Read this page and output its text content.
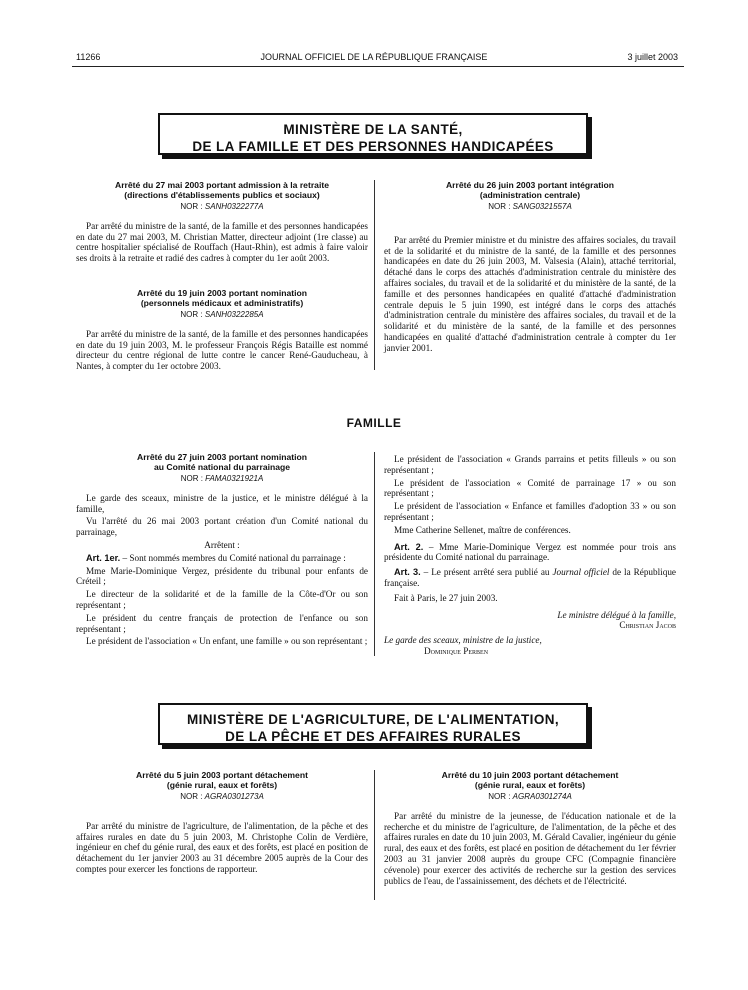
11266	JOURNAL OFFICIEL DE LA RÉPUBLIQUE FRANÇAISE	3 juillet 2003
MINISTÈRE DE LA SANTÉ,
DE LA FAMILLE ET DES PERSONNES HANDICAPÉES
Arrêté du 27 mai 2003 portant admission à la retraite
(directions d'établissements publics et sociaux)
NOR : SANH0322277A

Par arrêté du ministre de la santé, de la famille et des personnes handicapées en date du 27 mai 2003, M. Christian Matter, directeur adjoint (1re classe) au centre hospitalier spécialisé de Rouffach (Haut-Rhin), est admis à faire valoir ses droits à la retraite et radié des cadres à compter du 1er août 2003.

Arrêté du 19 juin 2003 portant nomination
(personnels médicaux et administratifs)
NOR : SANH0322285A

Par arrêté du ministre de la santé, de la famille et des personnes handicapées en date du 19 juin 2003, M. le professeur François Régis Bataille est nommé directeur du centre régional de lutte contre le cancer René-Gauducheau, à Nantes, à compter du 1er octobre 2003.

Arrêté du 26 juin 2003 portant intégration
(administration centrale)
NOR : SANG0321557A

Par arrêté du Premier ministre et du ministre des affaires sociales, du travail et de la solidarité et du ministre de la santé, de la famille et des personnes handicapées en date du 26 juin 2003, M. Valsesia (Alain), attaché territorial, détaché dans le corps des attachés d'administration centrale du ministère des affaires sociales, du travail et de la solidarité et du ministère de la santé, de la famille et des personnes handicapées en qualité d'attaché d'administration centrale depuis le 5 juin 1990, est intégré dans le corps des attachés d'administration centrale du ministère des affaires sociales, du travail et de la solidarité et du ministère de la santé, de la famille et des personnes handicapées en qualité d'attaché d'administration centrale à compter du 1er janvier 2001.

FAMILLE
Arrêté du 27 juin 2003 portant nomination
au Comité national du parrainage
NOR : FAMA0321921A

Le garde des sceaux, ministre de la justice, et le ministre délégué à la famille,

Vu l'arrêté du 26 mai 2003 portant création d'un Comité national du parrainage,

Arrêtent :

Art. 1er. – Sont nommés membres du Comité national du parrainage :

Mme Marie-Dominique Vergez, présidente du tribunal pour enfants de Créteil ;

Le directeur de la solidarité et de la famille de la Côte-d'Or ou son représentant ;

Le président du centre français de protection de l'enfance ou son représentant ;

Le président de l'association « Un enfant, une famille » ou son représentant ;

Le président de l'association « Grands parrains et petits filleuls » ou son représentant ;

Le président de l'association « Comité de parrainage 17 » ou son représentant ;

Le président de l'association « Enfance et familles d'adoption 33 » ou son représentant ;

Mme Catherine Sellenet, maître de conférences.

Art. 2. – Mme Marie-Dominique Vergez est nommée pour trois ans présidente du Comité national du parrainage.

Art. 3. – Le présent arrêté sera publié au Journal officiel de la République française.

Fait à Paris, le 27 juin 2003.

Le ministre délégué à la famille,
Christian Jacob
Le garde des sceaux, ministre de la justice,
Dominique Perben
MINISTÈRE DE L'AGRICULTURE, DE L'ALIMENTATION,
DE LA PÊCHE ET DES AFFAIRES RURALES
Arrêté du 5 juin 2003 portant détachement
(génie rural, eaux et forêts)
NOR : AGRA0301273A

Par arrêté du ministre de l'agriculture, de l'alimentation, de la pêche et des affaires rurales en date du 5 juin 2003, M. Christophe Colin de Verdière, ingénieur en chef du génie rural, des eaux et des forêts, est placé en position de détachement du 1er janvier 2003 au 31 décembre 2005 auprès de la Cour des comptes pour exercer les fonctions de rapporteur.

Arrêté du 10 juin 2003 portant détachement
(génie rural, eaux et forêts)
NOR : AGRA0301274A

Par arrêté du ministre de la jeunesse, de l'éducation nationale et de la recherche et du ministre de l'agriculture, de l'alimentation, de la pêche et des affaires rurales en date du 10 juin 2003, M. Gérald Cavalier, ingénieur du génie rural, des eaux et des forêts, est placé en position de détachement du 1er février 2003 au 31 janvier 2008 auprès du groupe CFC (Compagnie financière cévenole) pour exercer des activités de recherche sur la gestion des services publics de l'eau, de l'assainissement, des déchets et de l'électricité.
